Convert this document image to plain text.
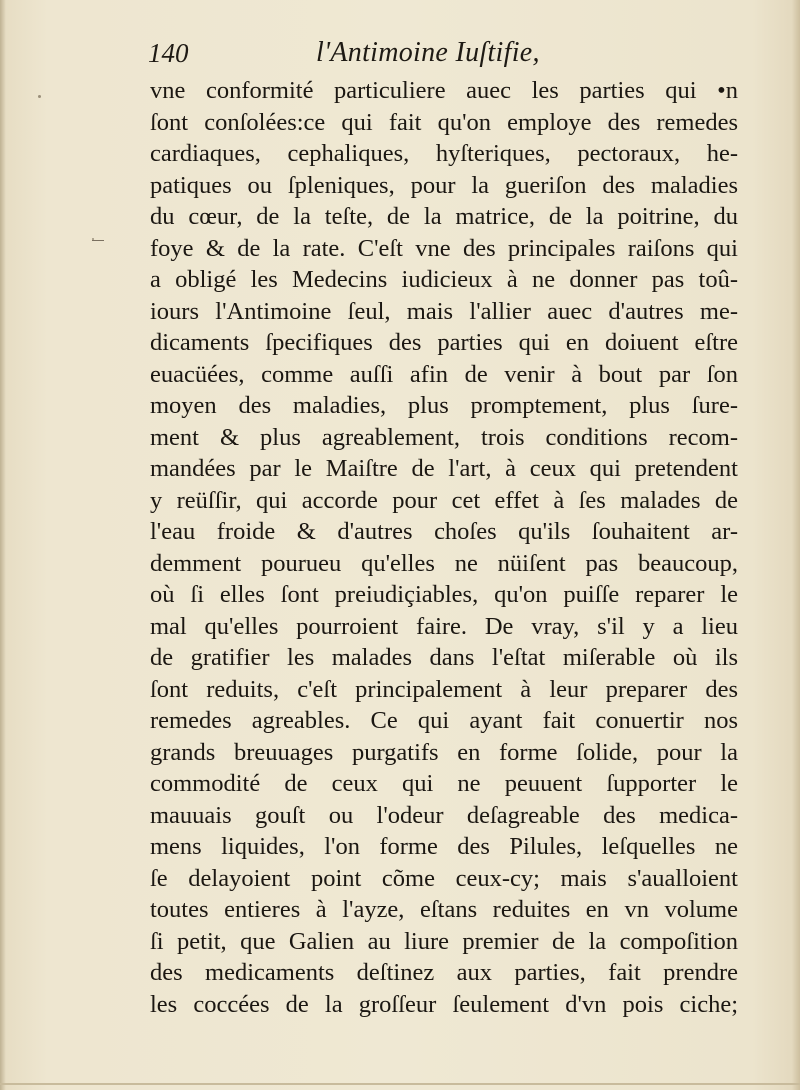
140	l'Antimoine Iuſtifie,
vne conformité particuliere auec les parties qui •n
ſont conſolées:ce qui fait qu'on employe des remedes
cardiaques, cephaliques, hyſteriques, pectoraux, he-
patiques ou ſpleniques, pour la gueriſon des maladies
du cœur, de la teſte, de la matrice, de la poitrine, du
foye & de la rate. C'eſt vne des principales raiſons qui
a obligé les Medecins iudicieux à ne donner pas toû-
iours l'Antimoine ſeul, mais l'allier auec d'autres me-
dicaments ſpecifiques des parties qui en doiuent eſtre
euacüées, comme auſſi afin de venir à bout par ſon
moyen des maladies, plus promptement, plus ſure-
ment & plus agreablement, trois conditions recom-
mandées par le Maiſtre de l'art, à ceux qui pretendent
y reüſſir, qui accorde pour cet effet à ſes malades de
l'eau froide & d'autres choſes qu'ils ſouhaitent ar-
demment pourueu qu'elles ne nüiſent pas beaucoup,
où ſi elles ſont preiudiçiables, qu'on puiſſe reparer le
mal qu'elles pourroient faire. De vray, s'il y a lieu
de gratifier les malades dans l'eſtat miſerable où ils
ſont reduits, c'eſt principalement à leur preparer des
remedes agreables. Ce qui ayant fait conuertir nos
grands breuuages purgatifs en forme ſolide, pour la
commodité de ceux qui ne peuuent ſupporter le
mauuais gouſt ou l'odeur deſagreable des medica-
mens liquides, l'on forme des Pilules, leſquelles ne
ſe delayoient point cõme ceux-cy; mais s'aualloient
toutes entieres à l'ayze, eſtans reduites en vn volume
ſi petit, que Galien au liure premier de la compoſition
des medicaments deſtinez aux parties, fait prendre
les coccées de la groſſeur ſeulement d'vn pois ciche;
